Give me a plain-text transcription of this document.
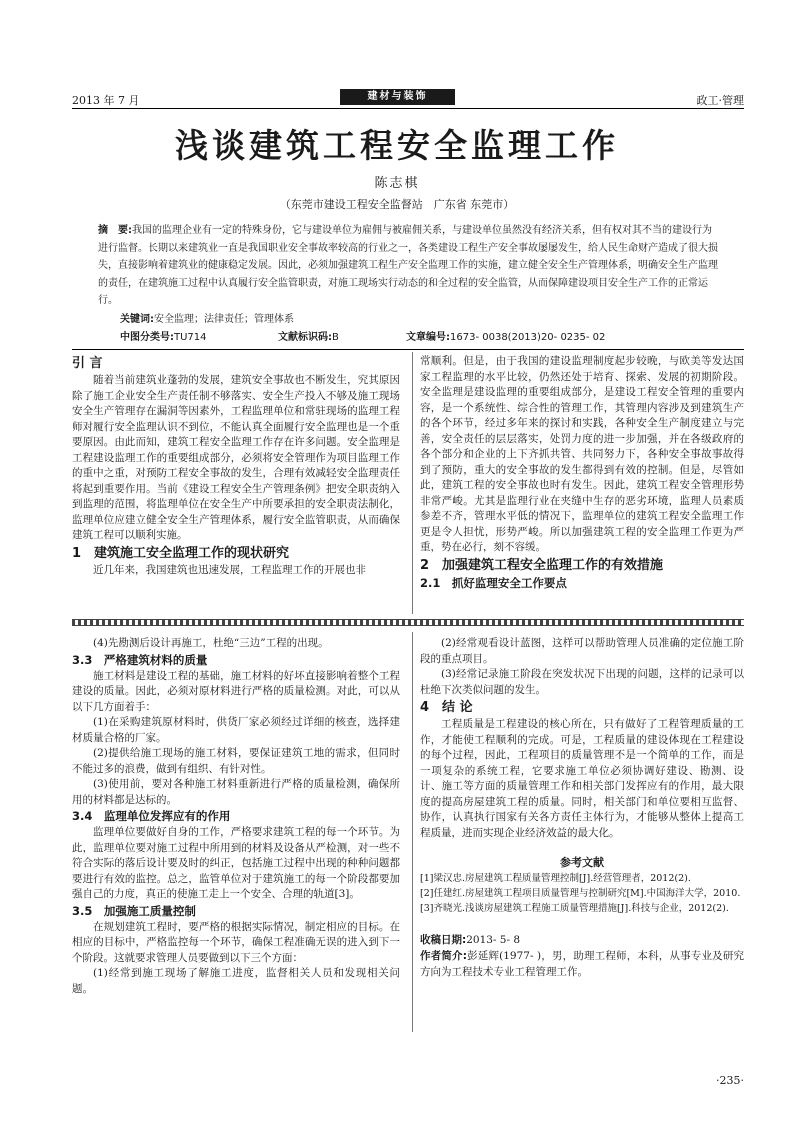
2013 年 7 月	建材与装饰	政工·管理
浅谈建筑工程安全监理工作
陈志棋
（东莞市建设工程安全监督站　广东省 东莞市）
摘　要:我国的监理企业有一定的特殊身份，它与建设单位为雇佣与被雇佣关系，与建设单位虽然没有经济关系，但有权对其不当的建设行为进行监督。长期以来建筑业一直是我国职业安全事故率较高的行业之一，各类建设工程生产安全事故屡屡发生，给人民生命财产造成了很大损失，直接影响着建筑业的健康稳定发展。因此，必须加强建筑工程生产安全监理工作的实施，建立健全安全生产管理体系，明确安全生产监理的责任，在建筑施工过程中认真履行安全监管职责，对施工现场实行动态的和全过程的安全监管，从而保障建设项目安全生产工作的正常运行。
关键词:安全监理；法律责任；管理体系
中图分类号:TU714	文献标识码:B	文章编号:1673- 0038(2013)20- 0235- 02
引 言

随着当前建筑业蓬勃的发展，建筑安全事故也不断发生，究其原因除了施工企业安全生产责任制不够落实、安全生产投入不够及施工现场安全生产管理存在漏洞等因素外，工程监理单位和常驻现场的监理工程师对履行安全监理认识不到位，不能认真全面履行安全监理也是一个重要原因。由此而知，建筑工程安全监理工作存在许多问题。安全监理是工程建设监理工作的重要组成部分，必须将安全管理作为项目监理工作的重中之重，对预防工程安全事故的发生，合理有效减轻安全监理责任将起到重要作用。当前《建设工程安全生产管理条例》把安全职责纳入到监理的范围，将监理单位在安全生产中所要承担的安全职责法制化，监理单位应建立健全安全生产管理体系，履行安全监管职责，从而确保建筑工程可以顺利实施。

1　建筑施工安全监理工作的现状研究

近几年来，我国建筑也迅速发展，工程监理工作的开展也非

常顺利。但是，由于我国的建设监理制度起步较晚，与欧美等发达国家工程监理的水平比较，仍然还处于培育、探索、发展的初期阶段。安全监理是建设监理的重要组成部分，是建设工程安全管理的重要内容，是一个系统性、综合性的管理工作，其管理内容涉及到建筑生产的各个环节，经过多年来的探讨和实践，各种安全生产制度建立与完善，安全责任的层层落实，处罚力度的进一步加强，并在各级政府的各个部分和企业的上下齐抓共管、共同努力下，各种安全事故事故得到了预防，重大的安全事故的发生都得到有效的控制。但是，尽管如此，建筑工程的安全事故也时有发生。因此，建筑工程安全管理形势非常严峻。尤其是监理行业在夹缝中生存的恶劣环境，监理人员素质参差不齐，管理水平低的情况下，监理单位的建筑工程安全监理工作更是令人担忧，形势严峻。所以加强建筑工程的安全监理工作更为严重，势在必行，刻不容缓。

2　加强建筑工程安全监理工作的有效措施
2.1　抓好监理安全工作要点

(4)先勘测后设计再施工，杜绝“三边”工程的出现。

3.3　严格建筑材料的质量

施工材料是建设工程的基础，施工材料的好坏直接影响着整个工程建设的质量。因此，必须对原材料进行严格的质量检测。对此，可以从以下几方面着手：

(1)在采购建筑原材料时，供货厂家必须经过详细的核查，选择建材质量合格的厂家。

(2)提供给施工现场的施工材料，要保证建筑工地的需求，但同时不能过多的浪费，做到有组织、有针对性。

(3)使用前，要对各种施工材料重新进行严格的质量检测，确保所用的材料都是达标的。

3.4　监理单位发挥应有的作用

监理单位要做好自身的工作，严格要求建筑工程的每一个环节。为此，监理单位要对施工过程中所用到的材料及设备从严检测，对一些不符合实际的落后设计要及时的纠正，包括施工过程中出现的种种问题都要进行有效的监控。总之，监管单位对于建筑施工的每一个阶段都要加强自己的力度，真正的使施工走上一个安全、合理的轨道[3]。

3.5　加强施工质量控制

在规划建筑工程时，要严格的根据实际情况，制定相应的目标。在相应的目标中，严格监控每一个环节，确保工程准确无误的进入到下一个阶段。这就要求管理人员要做到以下三个方面：

(1)经常到施工现场了解施工进度，监督相关人员和发现相关问题。

(2)经常观看设计蓝图，这样可以帮助管理人员准确的定位施工阶段的重点项目。

(3)经常记录施工阶段在突发状况下出现的问题，这样的记录可以杜绝下次类似问题的发生。

4　结 论

工程质量是工程建设的核心所在，只有做好了工程管理质量的工作，才能使工程顺利的完成。可是，工程质量的建设体现在工程建设的每个过程，因此，工程项目的质量管理不是一个简单的工作，而是一项复杂的系统工程，它要求施工单位必须协调好建设、勘测、设计、施工等方面的质量管理工作和相关部门发挥应有的作用，最大限度的提高房屋建筑工程的质量。同时，相关部门和单位要相互监督、协作，认真执行国家有关各方责任主体行为，才能够从整体上提高工程质量，进而实现企业经济效益的最大化。

参考文献
[1]梁汉忠.房屋建筑工程质量管理控制[J].经营管理者，2012(2).
[2]任建红.房屋建筑工程项目质量管理与控制研究[M].中国海洋大学，2010.
[3]齐晓光.浅谈房屋建筑工程施工质量管理措施[J].科技与企业，2012(2).
收稿日期:2013- 5- 8
作者简介:彭延辉(1977- )，男，助理工程师，本科，从事专业及研究方向为工程技术专业工程管理工作。
·235·
